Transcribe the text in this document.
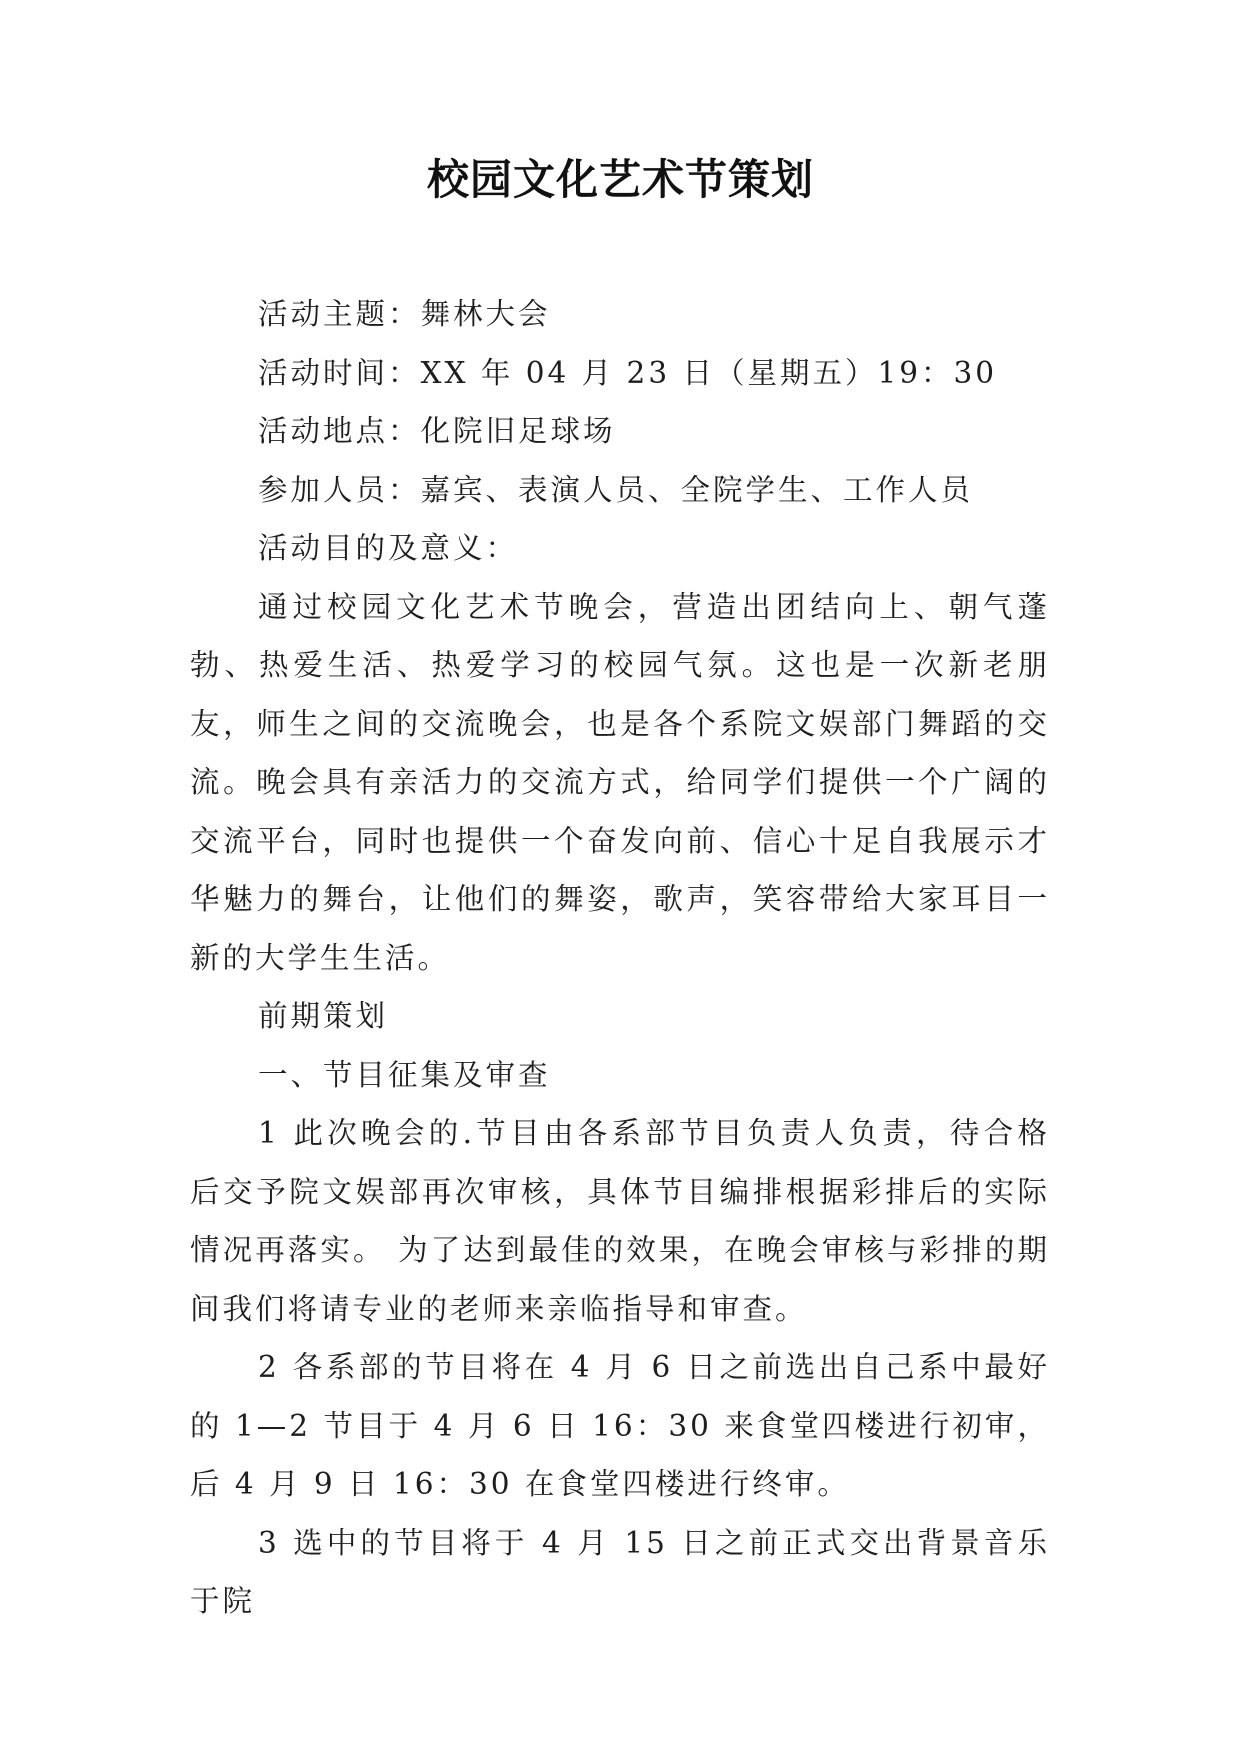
校园文化艺术节策划

活动主题：舞林大会

活动时间：XX 年 04 月 23 日（星期五）19：30

活动地点：化院旧足球场

参加人员：嘉宾、表演人员、全院学生、工作人员

活动目的及意义：

通过校园文化艺术节晚会，营造出团结向上、朝气蓬勃、热爱生活、热爱学习的校园气氛。这也是一次新老朋友，师生之间的交流晚会，也是各个系院文娱部门舞蹈的交流。晚会具有亲活力的交流方式，给同学们提供一个广阔的交流平台，同时也提供一个奋发向前、信心十足自我展示才华魅力的舞台，让他们的舞姿，歌声，笑容带给大家耳目一新的大学生生活。

前期策划

一、节目征集及审查

1 此次晚会的.节目由各系部节目负责人负责，待合格后交予院文娱部再次审核，具体节目编排根据彩排后的实际情况再落实。 为了达到最佳的效果，在晚会审核与彩排的期间我们将请专业的老师来亲临指导和审查。

2 各系部的节目将在 4 月 6 日之前选出自己系中最好的 1—2 节目于 4 月 6 日 16：30 来食堂四楼进行初审，后 4 月 9 日 16：30 在食堂四楼进行终审。

3 选中的节目将于 4 月 15 日之前正式交出背景音乐于院
